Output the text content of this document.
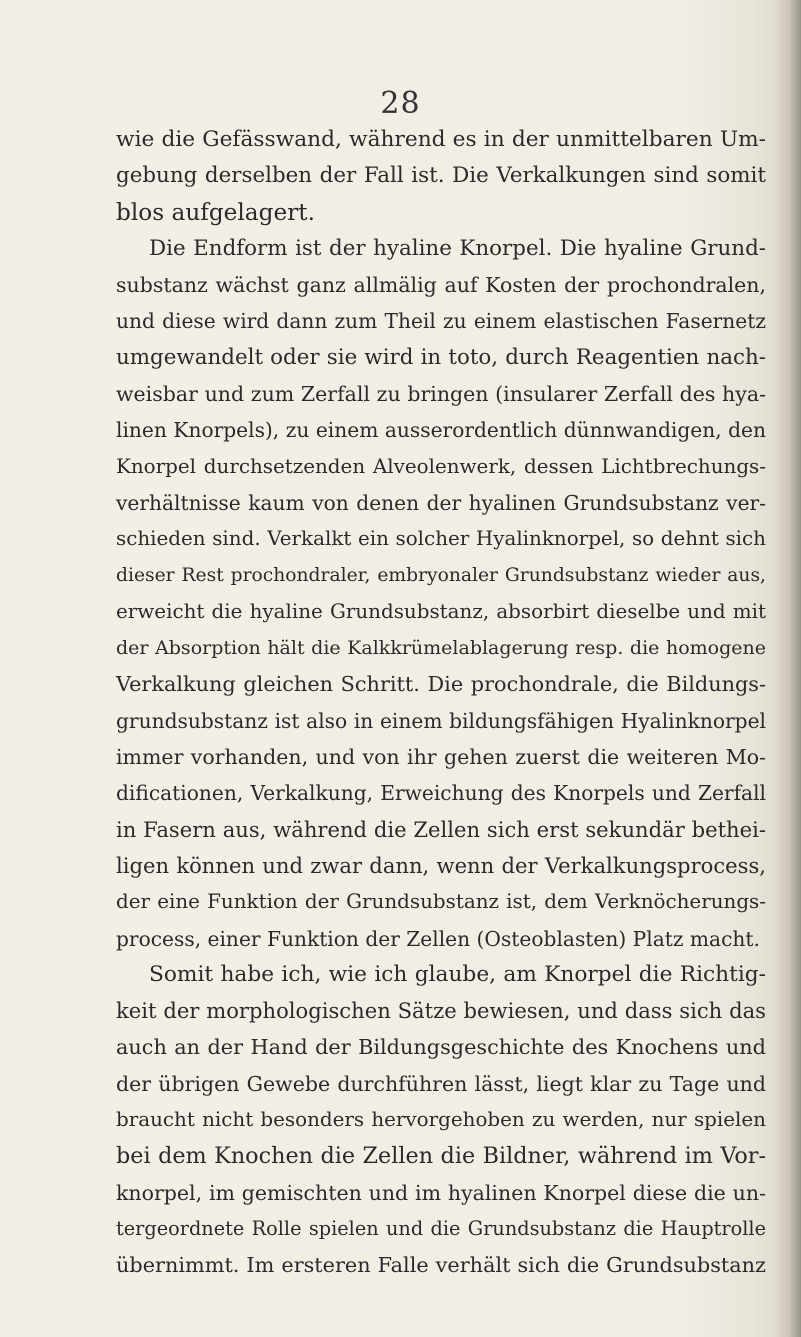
28
wie die Gefässwand, während es in der unmittelbaren Um-
gebung derselben der Fall ist. Die Verkalkungen sind somit
blos aufgelagert.
Die Endform ist der hyaline Knorpel. Die hyaline Grund-
substanz wächst ganz allmälig auf Kosten der prochondralen,
und diese wird dann zum Theil zu einem elastischen Fasernetz
umgewandelt oder sie wird in toto, durch Reagentien nach-
weisbar und zum Zerfall zu bringen (insularer Zerfall des hya-
linen Knorpels), zu einem ausserordentlich dünnwandigen, den
Knorpel durchsetzenden Alveolenwerk, dessen Lichtbrechungs-
verhältnisse kaum von denen der hyalinen Grundsubstanz ver-
schieden sind. Verkalkt ein solcher Hyalinknorpel, so dehnt sich
dieser Rest prochondraler, embryonaler Grundsubstanz wieder aus,
erweicht die hyaline Grundsubstanz, absorbirt dieselbe und mit
der Absorption hält die Kalkkrümelablagerung resp. die homogene
Verkalkung gleichen Schritt. Die prochondrale, die Bildungs-
grundsubstanz ist also in einem bildungsfähigen Hyalinknorpel
immer vorhanden, und von ihr gehen zuerst die weiteren Mo-
dificationen, Verkalkung, Erweichung des Knorpels und Zerfall
in Fasern aus, während die Zellen sich erst sekundär bethei-
ligen können und zwar dann, wenn der Verkalkungsprocess,
der eine Funktion der Grundsubstanz ist, dem Verknöcherungs-
process, einer Funktion der Zellen (Osteoblasten) Platz macht.
Somit habe ich, wie ich glaube, am Knorpel die Richtig-
keit der morphologischen Sätze bewiesen, und dass sich das
auch an der Hand der Bildungsgeschichte des Knochens und
der übrigen Gewebe durchführen lässt, liegt klar zu Tage und
braucht nicht besonders hervorgehoben zu werden, nur spielen
bei dem Knochen die Zellen die Bildner, während im Vor-
knorpel, im gemischten und im hyalinen Knorpel diese die un-
tergeordnete Rolle spielen und die Grundsubstanz die Hauptrolle
übernimmt. Im ersteren Falle verhält sich die Grundsubstanz
